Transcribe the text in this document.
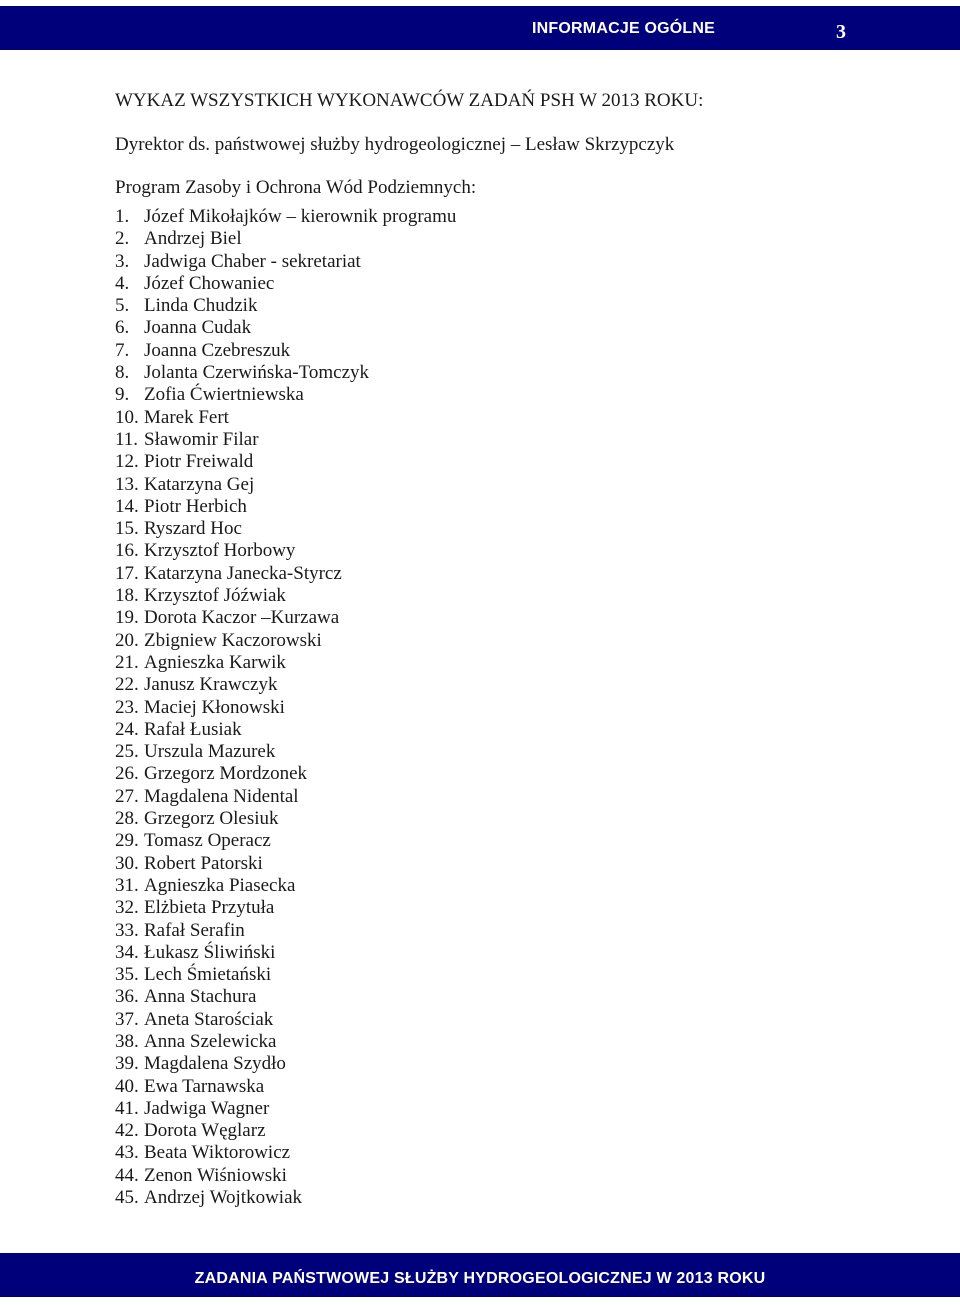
INFORMACJE OGÓLNE	3

WYKAZ WSZYSTKICH WYKONAWCÓW ZADAŃ PSH W 2013 ROKU:

Dyrektor ds. państwowej służby hydrogeologicznej – Lesław Skrzypczyk

Program Zasoby i Ochrona Wód Podziemnych:

1. Józef Mikołajków – kierownik programu
2. Andrzej Biel
3. Jadwiga Chaber - sekretariat
4. Józef Chowaniec
5. Linda Chudzik
6. Joanna Cudak
7. Joanna Czebreszuk
8. Jolanta Czerwińska-Tomczyk
9. Zofia Ćwiertniewska
10. Marek Fert
11. Sławomir Filar
12. Piotr Freiwald
13. Katarzyna Gej
14. Piotr Herbich
15. Ryszard Hoc
16. Krzysztof Horbowy
17. Katarzyna Janecka-Styrcz
18. Krzysztof Jóźwiak
19. Dorota Kaczor –Kurzawa
20. Zbigniew Kaczorowski
21. Agnieszka Karwik
22. Janusz Krawczyk
23. Maciej Kłonowski
24. Rafał Łusiak
25. Urszula Mazurek
26. Grzegorz Mordzonek
27. Magdalena Nidental
28. Grzegorz Olesiuk
29. Tomasz Operacz
30. Robert Patorski
31. Agnieszka Piasecka
32. Elżbieta Przytuła
33. Rafał Serafin
34. Łukasz Śliwiński
35. Lech Śmietański
36. Anna Stachura
37. Aneta Starościak
38. Anna Szelewicka
39. Magdalena Szydło
40. Ewa Tarnawska
41. Jadwiga Wagner
42. Dorota Węglarz
43. Beata Wiktorowicz
44. Zenon Wiśniowski
45. Andrzej Wojtkowiak
ZADANIA PAŃSTWOWEJ SŁUŻBY HYDROGEOLOGICZNEJ W 2013 ROKU
